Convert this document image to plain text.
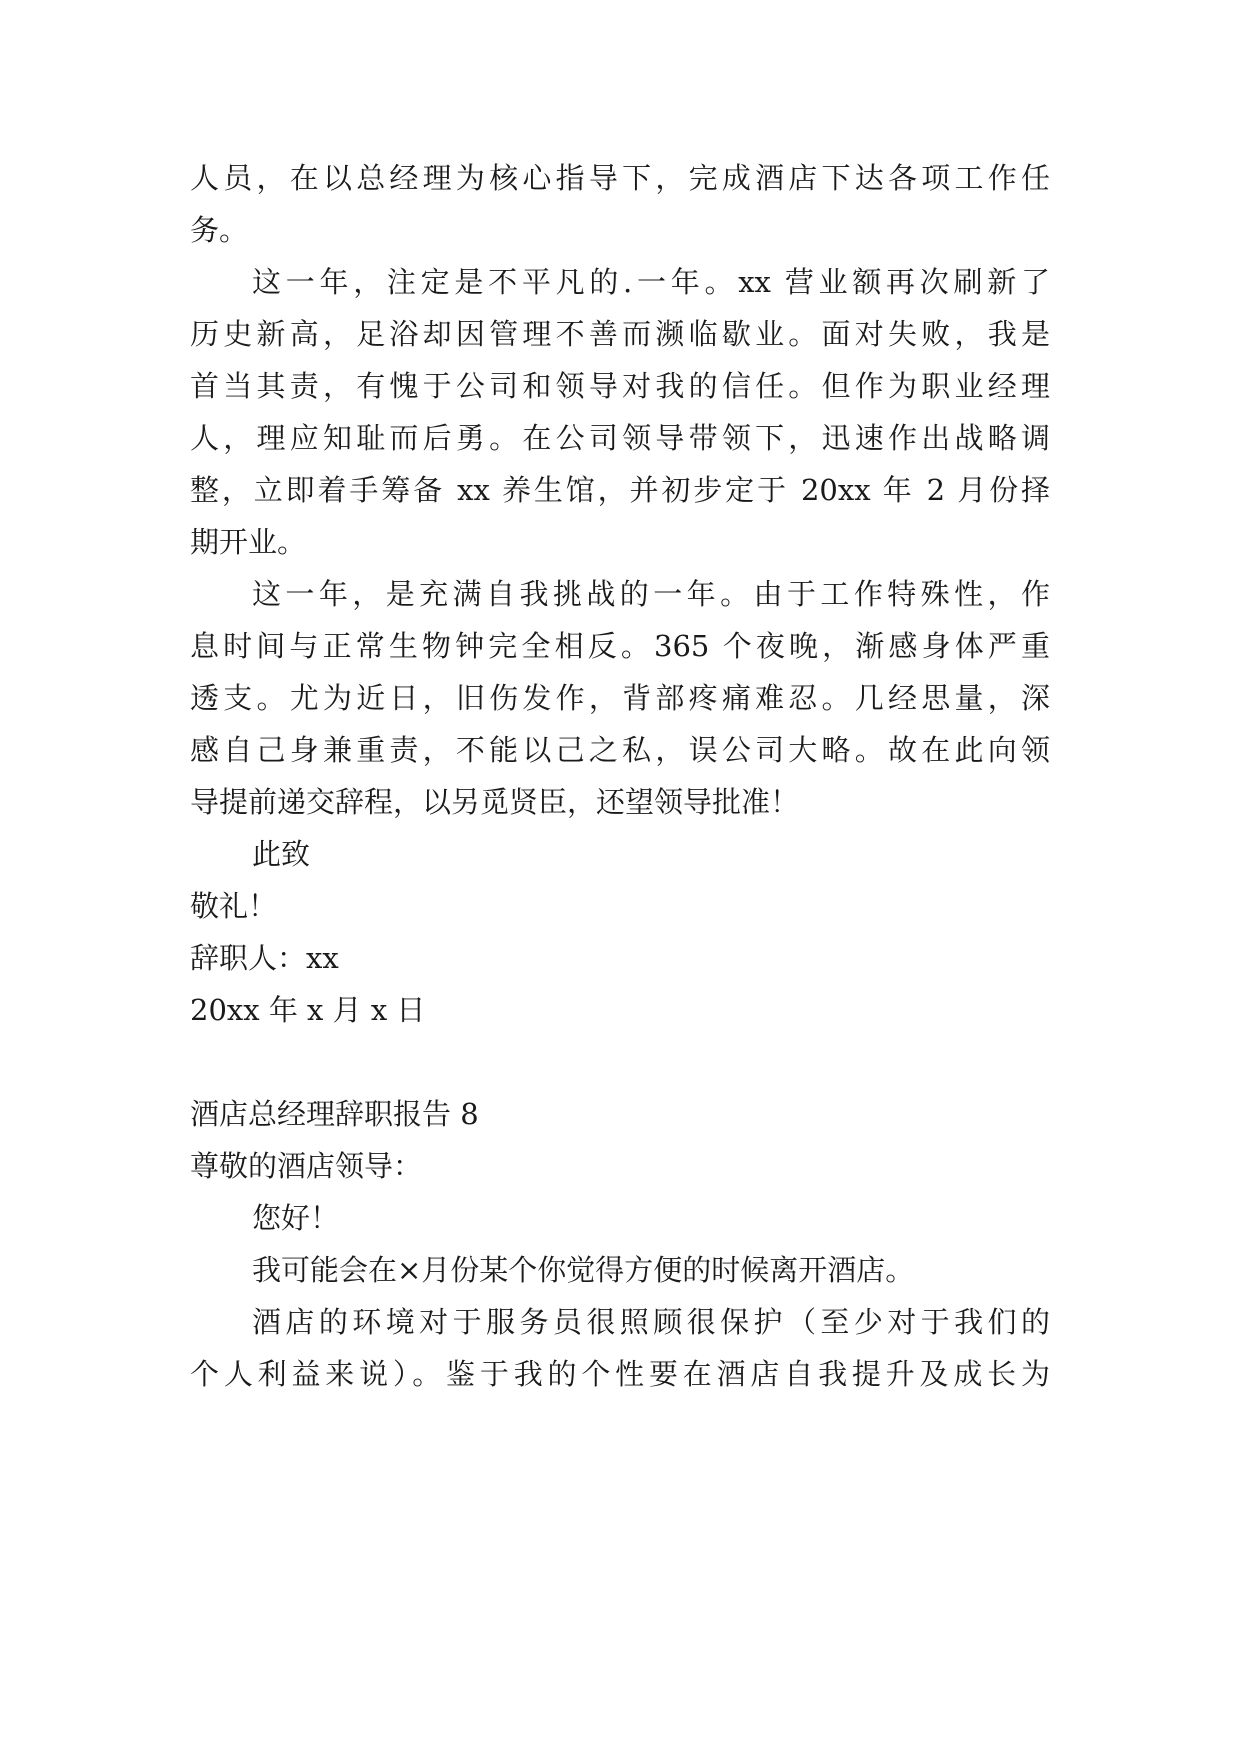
人员，在以总经理为核心指导下，完成酒店下达各项工作任
务。
这一年，注定是不平凡的.一年。xx 营业额再次刷新了
历史新高，足浴却因管理不善而濒临歇业。面对失败，我是
首当其责，有愧于公司和领导对我的信任。但作为职业经理
人，理应知耻而后勇。在公司领导带领下，迅速作出战略调
整，立即着手筹备 xx 养生馆，并初步定于 20xx 年 2 月份择
期开业。
这一年，是充满自我挑战的一年。由于工作特殊性，作
息时间与正常生物钟完全相反。365 个夜晚，渐感身体严重
透支。尤为近日，旧伤发作，背部疼痛难忍。几经思量，深
感自己身兼重责，不能以己之私，误公司大略。故在此向领
导提前递交辞程，以另觅贤臣，还望领导批准！
此致
敬礼！
辞职人：xx
20xx 年 x 月 x 日
酒店总经理辞职报告 8
尊敬的酒店领导：
您好！
我可能会在×月份某个你觉得方便的时候离开酒店。
酒店的环境对于服务员很照顾很保护（至少对于我们的
个人利益来说）。鉴于我的个性要在酒店自我提升及成长为
